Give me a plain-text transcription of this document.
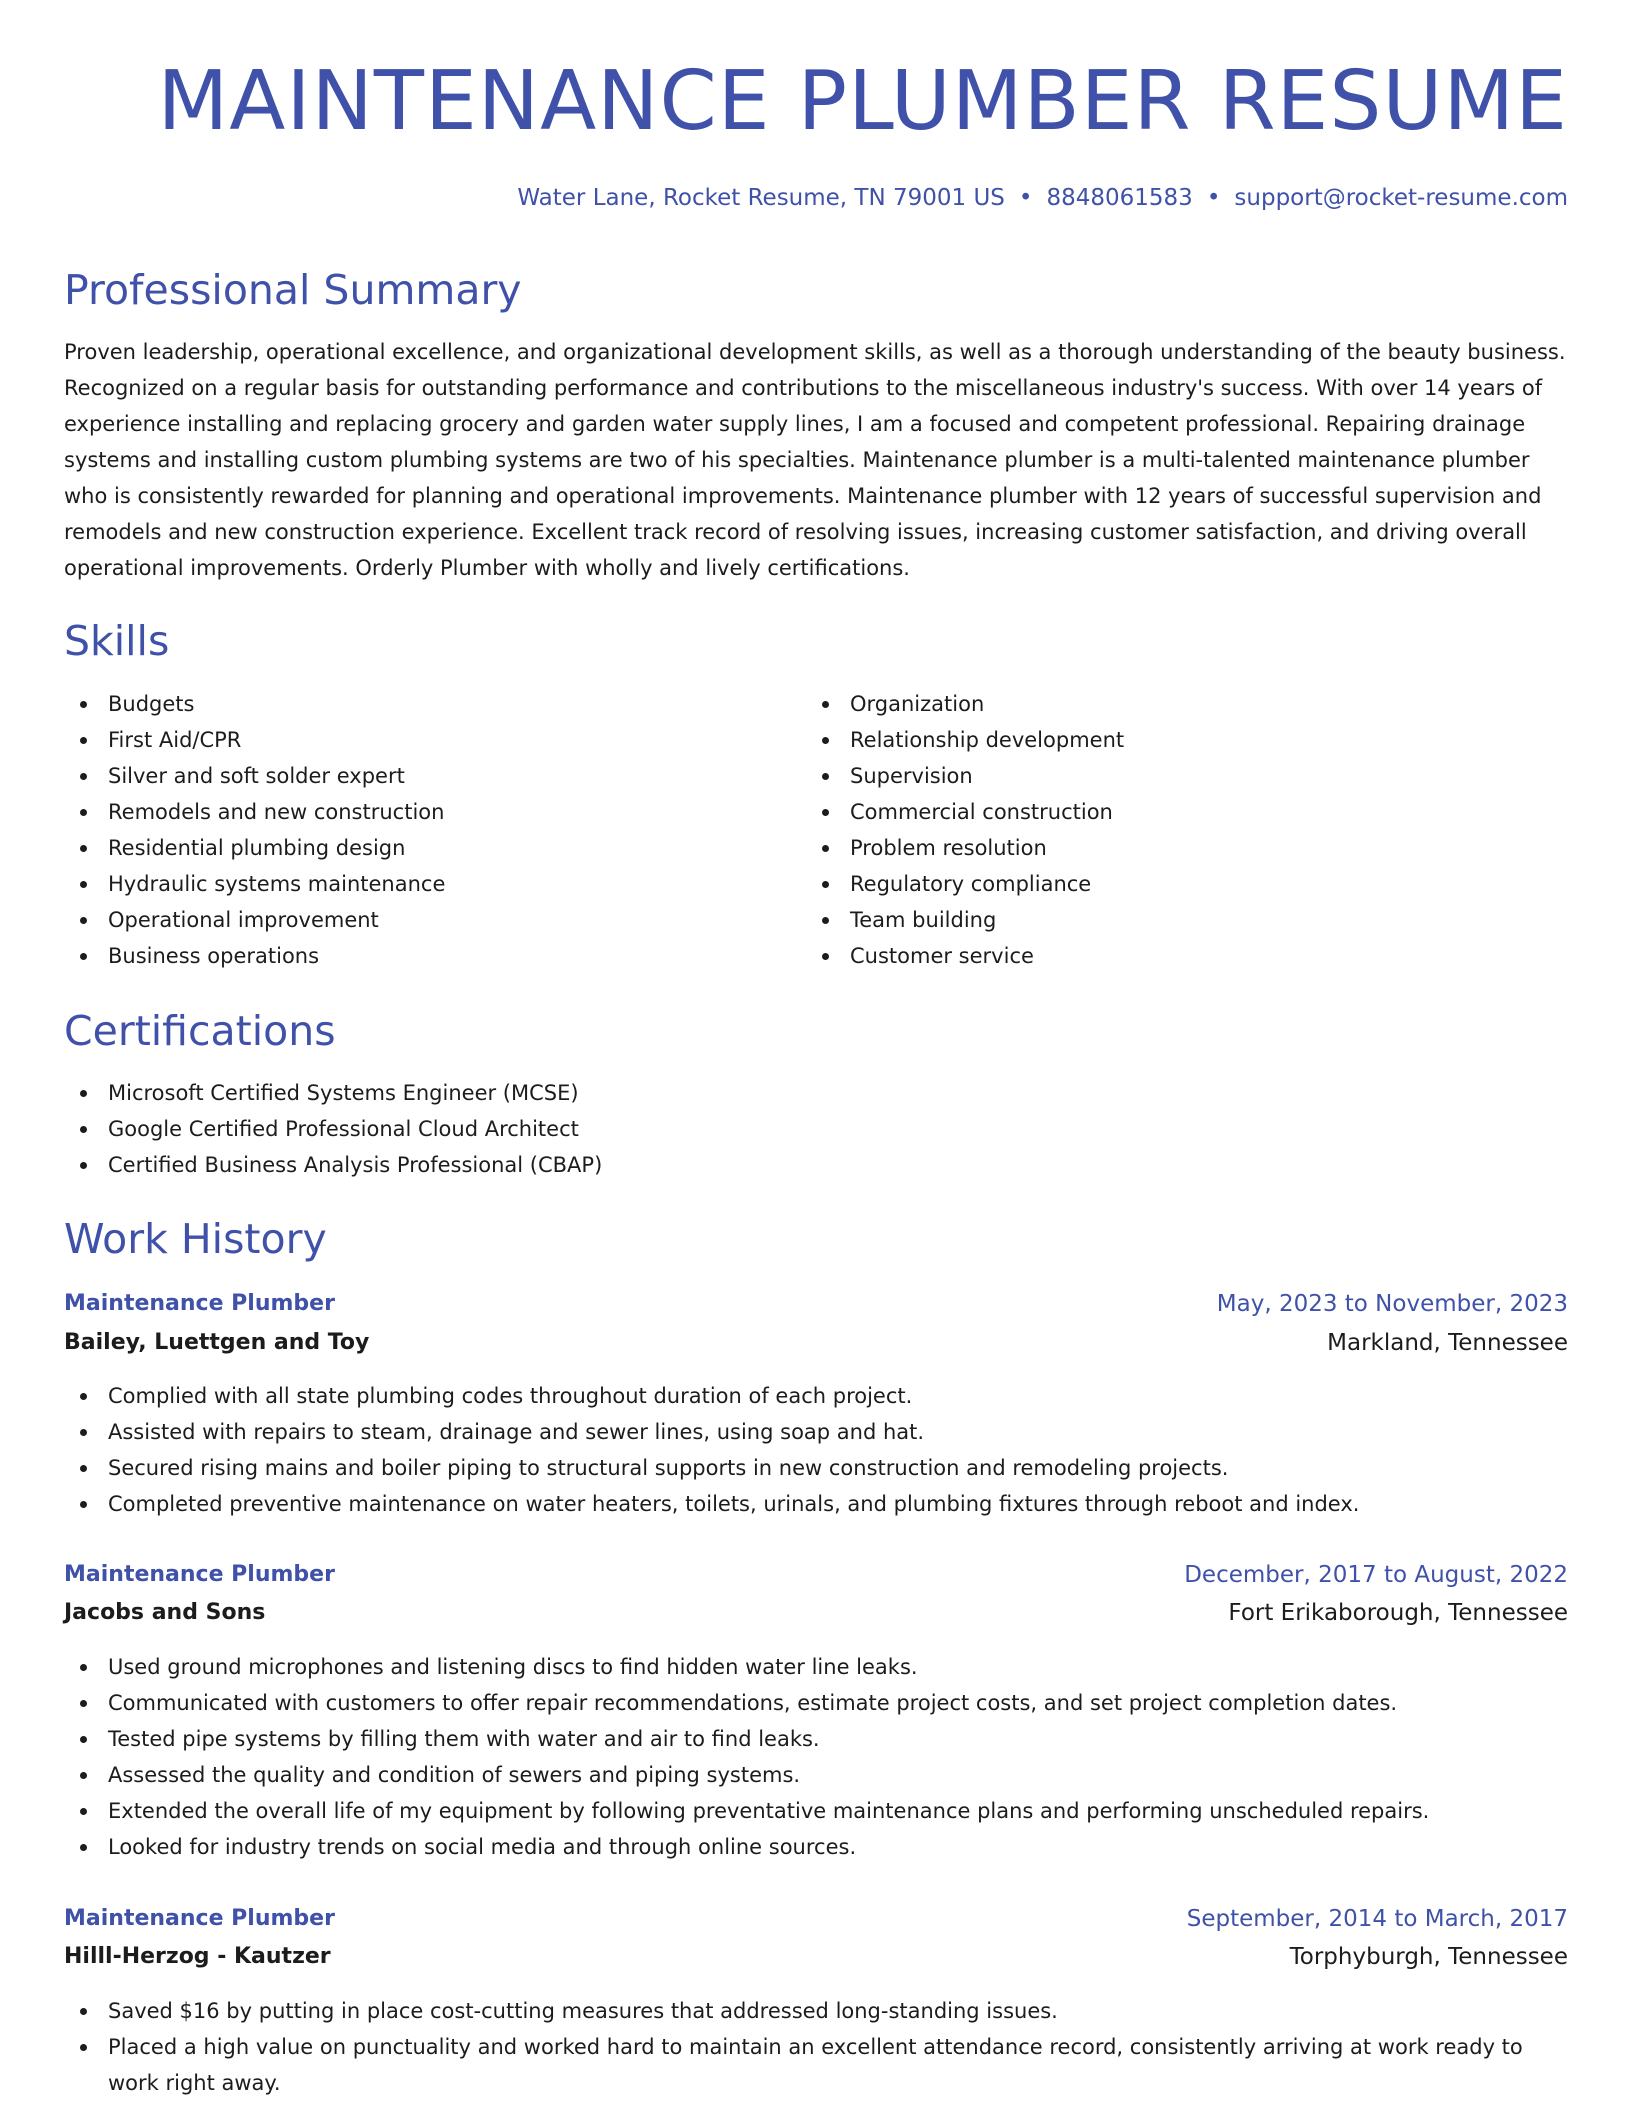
MAINTENANCE PLUMBER RESUME
Water Lane, Rocket Resume, TN 79001 US • 8848061583 • support@rocket-resume.com
Professional Summary

Proven leadership, operational excellence, and organizational development skills, as well as a thorough understanding of the beauty business. Recognized on a regular basis for outstanding performance and contributions to the miscellaneous industry's success. With over 14 years of experience installing and replacing grocery and garden water supply lines, I am a focused and competent professional. Repairing drainage systems and installing custom plumbing systems are two of his specialties. Maintenance plumber is a multi-talented maintenance plumber who is consistently rewarded for planning and operational improvements. Maintenance plumber with 12 years of successful supervision and remodels and new construction experience. Excellent track record of resolving issues, increasing customer satisfaction, and driving overall operational improvements. Orderly Plumber with wholly and lively certifications.

Skills
Budgets
First Aid/CPR
Silver and soft solder expert
Remodels and new construction
Residential plumbing design
Hydraulic systems maintenance
Operational improvement
Business operations
Organization
Relationship development
Supervision
Commercial construction
Problem resolution
Regulatory compliance
Team building
Customer service
Certifications
Microsoft Certified Systems Engineer (MCSE)
Google Certified Professional Cloud Architect
Certified Business Analysis Professional (CBAP)
Work History
Maintenance Plumber	May, 2023 to November, 2023
Bailey, Luettgen and Toy	Markland, Tennessee
Complied with all state plumbing codes throughout duration of each project.
Assisted with repairs to steam, drainage and sewer lines, using soap and hat.
Secured rising mains and boiler piping to structural supports in new construction and remodeling projects.
Completed preventive maintenance on water heaters, toilets, urinals, and plumbing fixtures through reboot and index.
Maintenance Plumber	December, 2017 to August, 2022
Jacobs and Sons	Fort Erikaborough, Tennessee
Used ground microphones and listening discs to find hidden water line leaks.
Communicated with customers to offer repair recommendations, estimate project costs, and set project completion dates.
Tested pipe systems by filling them with water and air to find leaks.
Assessed the quality and condition of sewers and piping systems.
Extended the overall life of my equipment by following preventative maintenance plans and performing unscheduled repairs.
Looked for industry trends on social media and through online sources.
Maintenance Plumber	September, 2014 to March, 2017
Hilll-Herzog - Kautzer	Torphyburgh, Tennessee
Saved $16 by putting in place cost-cutting measures that addressed long-standing issues.
Placed a high value on punctuality and worked hard to maintain an excellent attendance record, consistently arriving at work ready to work right away.
